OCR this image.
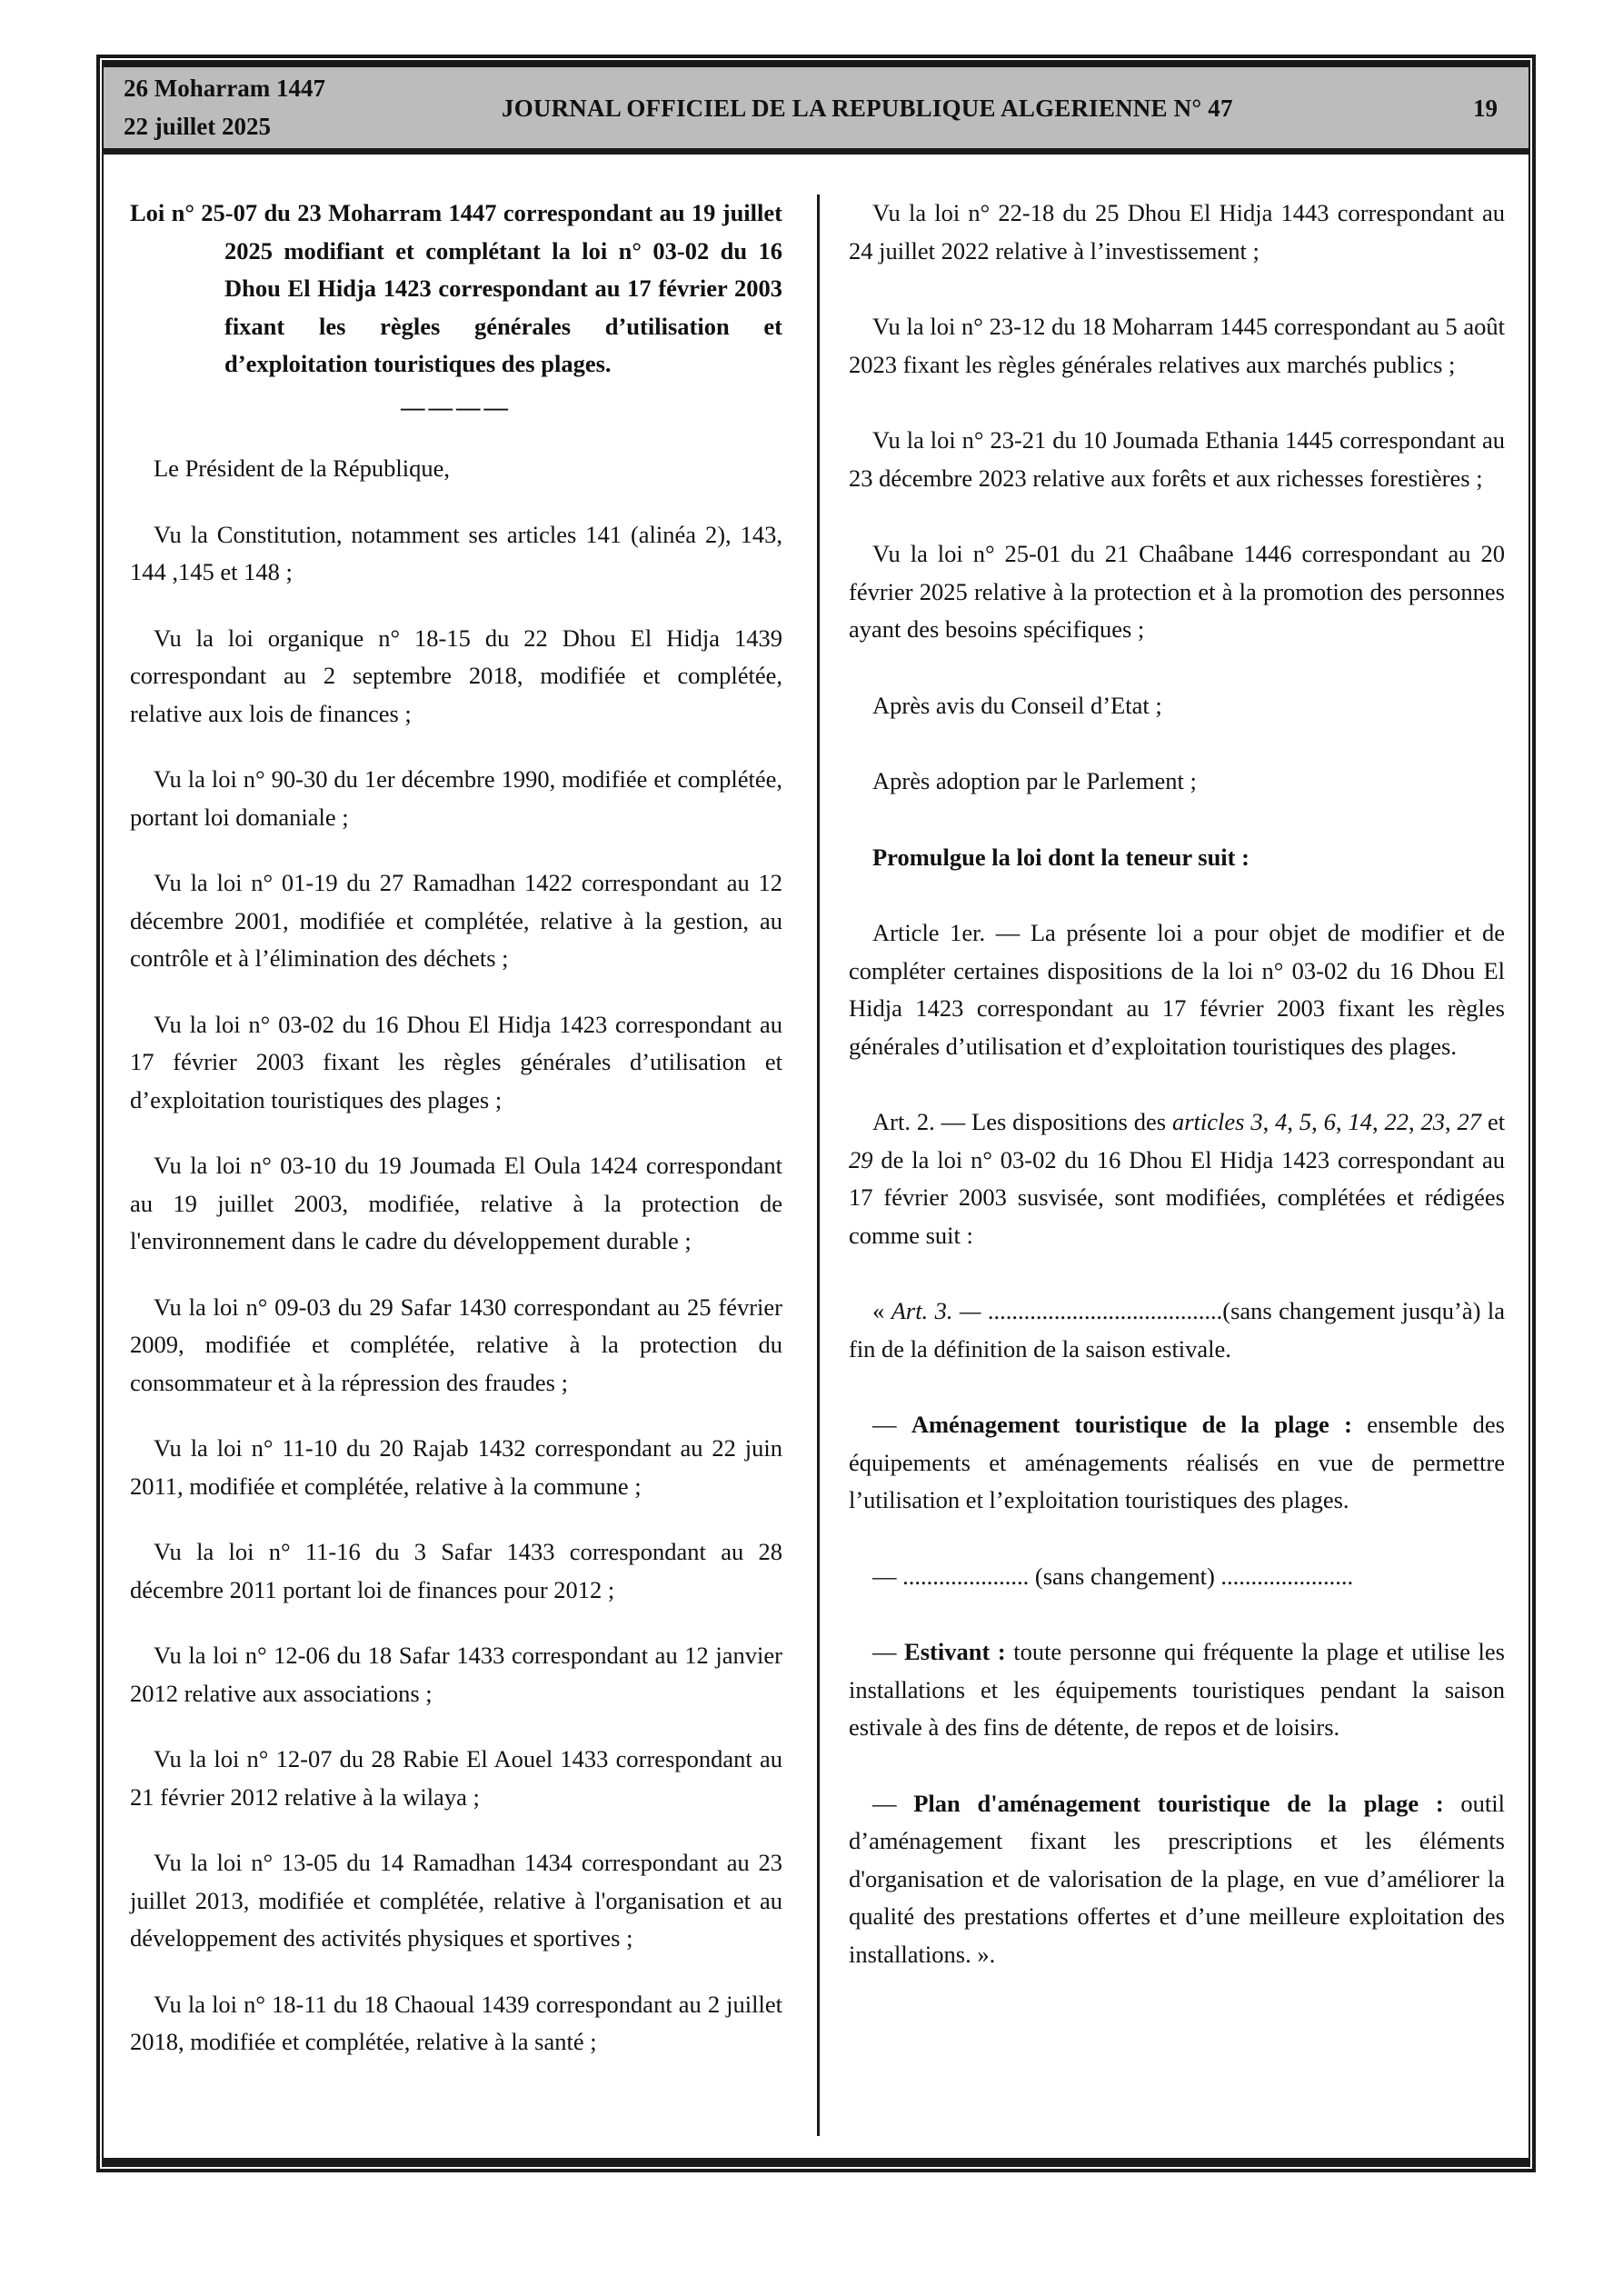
26 Moharram 1447
22 juillet 2025
JOURNAL OFFICIEL DE LA REPUBLIQUE ALGERIENNE N° 47	19

Loi n° 25-07 du 23 Moharram 1447 correspondant au 19 juillet 2025 modifiant et complétant la loi n° 03-02 du 16 Dhou El Hidja 1423 correspondant au 17 février 2003 fixant les règles générales d’utilisation et d’exploitation touristiques des plages.

————

Le Président de la République,

Vu la Constitution, notamment ses articles 141 (alinéa 2), 143, 144 ,145 et 148 ;

Vu la loi organique n° 18-15 du 22 Dhou El Hidja 1439 correspondant au 2 septembre 2018, modifiée et complétée, relative aux lois de finances ;

Vu la loi n° 90-30 du 1er décembre 1990, modifiée et complétée, portant loi domaniale ;

Vu la loi n° 01-19 du 27 Ramadhan 1422 correspondant au 12 décembre 2001, modifiée et complétée, relative à la gestion, au contrôle et à l’élimination des déchets ;

Vu la loi n° 03-02 du 16 Dhou El Hidja 1423 correspondant au 17 février 2003 fixant les règles générales d’utilisation et d’exploitation touristiques des plages ;

Vu la loi n° 03-10 du 19 Joumada El Oula 1424 correspondant au 19 juillet 2003, modifiée, relative à la protection de l'environnement dans le cadre du développement durable ;

Vu la loi n° 09-03 du 29 Safar 1430 correspondant au 25 février 2009, modifiée et complétée, relative à la protection du consommateur et à la répression des fraudes ;

Vu la loi n° 11-10 du 20 Rajab 1432 correspondant au 22 juin 2011, modifiée et complétée, relative à la commune ;

Vu la loi n° 11-16 du 3 Safar 1433 correspondant au 28 décembre 2011 portant loi de finances pour 2012 ;

Vu la loi n° 12-06 du 18 Safar 1433 correspondant au 12 janvier 2012 relative aux associations ;

Vu la loi n° 12-07 du 28 Rabie El Aouel 1433 correspondant au 21 février 2012 relative à la wilaya ;

Vu la loi n° 13-05 du 14 Ramadhan 1434 correspondant au 23 juillet 2013, modifiée et complétée, relative à l'organisation et au développement des activités physiques et sportives ;

Vu la loi n° 18-11 du 18 Chaoual 1439 correspondant au 2 juillet 2018, modifiée et complétée, relative à la santé ;

Vu la loi n° 22-18 du 25 Dhou El Hidja 1443 correspondant au 24 juillet 2022 relative à l’investissement ;

Vu la loi n° 23-12 du 18 Moharram 1445 correspondant au 5 août 2023 fixant les règles générales relatives aux marchés publics ;

Vu la loi n° 23-21 du 10 Joumada Ethania 1445 correspondant au 23 décembre 2023 relative aux forêts et aux richesses forestières ;

Vu la loi n° 25-01 du 21 Chaâbane 1446 correspondant au 20 février 2025 relative à la protection et à la promotion des personnes ayant des besoins spécifiques ;

Après avis du Conseil d’Etat ;

Après adoption par le Parlement ;

Promulgue la loi dont la teneur suit :

Article 1er. — La présente loi a pour objet de modifier et de compléter certaines dispositions de la loi n° 03-02 du 16 Dhou El Hidja 1423 correspondant au 17 février 2003 fixant les règles générales d’utilisation et d’exploitation touristiques des plages.

Art. 2. — Les dispositions des articles 3, 4, 5, 6, 14, 22, 23, 27 et 29 de la loi n° 03-02 du 16 Dhou El Hidja 1423 correspondant au 17 février 2003 susvisée, sont modifiées, complétées et rédigées comme suit :

« Art. 3. — .......................................(sans changement jusqu’à) la fin de la définition de la saison estivale.

— Aménagement touristique de la plage : ensemble des équipements et aménagements réalisés en vue de permettre l’utilisation et l’exploitation touristiques des plages.

— ..................... (sans changement) ......................

— Estivant : toute personne qui fréquente la plage et utilise les installations et les équipements touristiques pendant la saison estivale à des fins de détente, de repos et de loisirs.

— Plan d'aménagement touristique de la plage : outil d’aménagement fixant les prescriptions et les éléments d'organisation et de valorisation de la plage, en vue d’améliorer la qualité des prestations offertes et d’une meilleure exploitation des installations. ».
